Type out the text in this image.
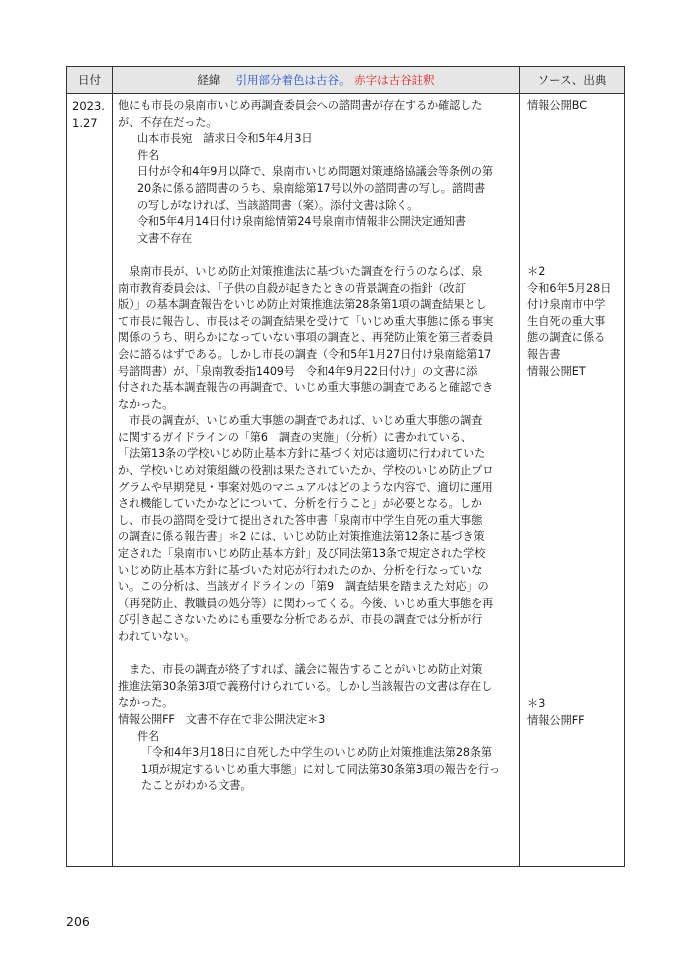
日付	経緯　 引用部分着色は古谷。 赤字は古谷註釈	ソース、出典
2023.
1.27

他にも市長の泉南市いじめ再調査委員会への諮問書が存在するか確認した

が、不存在だった。

山本市長宛　請求日令和5年4月3日

件名

日付が令和4年9月以降で、泉南市いじめ問題対策連絡協議会等条例の第

20条に係る諮問書のうち、泉南総第17号以外の諮問書の写し。諮問書

の写しがなければ、当該諮問書（案）。添付文書は除く。

令和5年4月14日付け泉南総情第24号泉南市情報非公開決定通知書

文書不存在

　泉南市長が、いじめ防止対策推進法に基づいた調査を行うのならば、泉

南市教育委員会は、「子供の自殺が起きたときの背景調査の指針（改訂

版）」の基本調査報告をいじめ防止対策推進法第28条第1項の調査結果とし

て市長に報告し、市長はその調査結果を受けて「いじめ重大事態に係る事実

関係のうち、明らかになっていない事項の調査と、再発防止策を第三者委員

会に諮るはずである。しかし市長の調査（令和5年1月27日付け泉南総第17

号諮問書）が、「泉南教委指1409号　令和4年9月22日付け」の文書に添

付された基本調査報告の再調査で、いじめ重大事態の調査であると確認でき

なかった。

　市長の調査が、いじめ重大事態の調査であれば、いじめ重大事態の調査

に関するガイドラインの「第6　調査の実施」（分析）に書かれている、

「法第13条の学校いじめ防止基本方針に基づく対応は適切に行われていた

か、学校いじめ対策組織の役割は果たされていたか、学校のいじめ防止プロ

グラムや早期発見・事案対処のマニュアルはどのような内容で、適切に運用

され機能していたかなどについて、分析を行うこと」が必要となる。しか

し、市長の諮問を受けて提出された答申書「泉南市中学生自死の重大事態

の調査に係る報告書」＊2 には、いじめ防止対策推進法第12条に基づき策

定された「泉南市いじめ防止基本方針」及び同法第13条で規定された学校

いじめ防止基本方針に基づいた対応が行われたのか、分析を行なっていな

い。この分析は、当該ガイドラインの「第9　調査結果を踏まえた対応」の

（再発防止、教職員の処分等）に関わってくる。今後、いじめ重大事態を再

び引き起こさないためにも重要な分析であるが、市長の調査では分析が行

われていない。

　また、市長の調査が終了すれば、議会に報告することがいじめ防止対策

推進法第30条第3項で義務付けられている。しかし当該報告の文書は存在し

なかった。

情報公開FF　文書不存在で非公開決定＊3

件名

「令和4年3月18日に自死した中学生のいじめ防止対策推進法第28条第

1項が規定するいじめ重大事態」に対して同法第30条第3項の報告を行っ

たことがわかる文書。

情報公開BC
＊2
令和6年5月28日
付け泉南市中学
生自死の重大事
態の調査に係る
報告書
情報公開ET
＊3
情報公開FF
206
